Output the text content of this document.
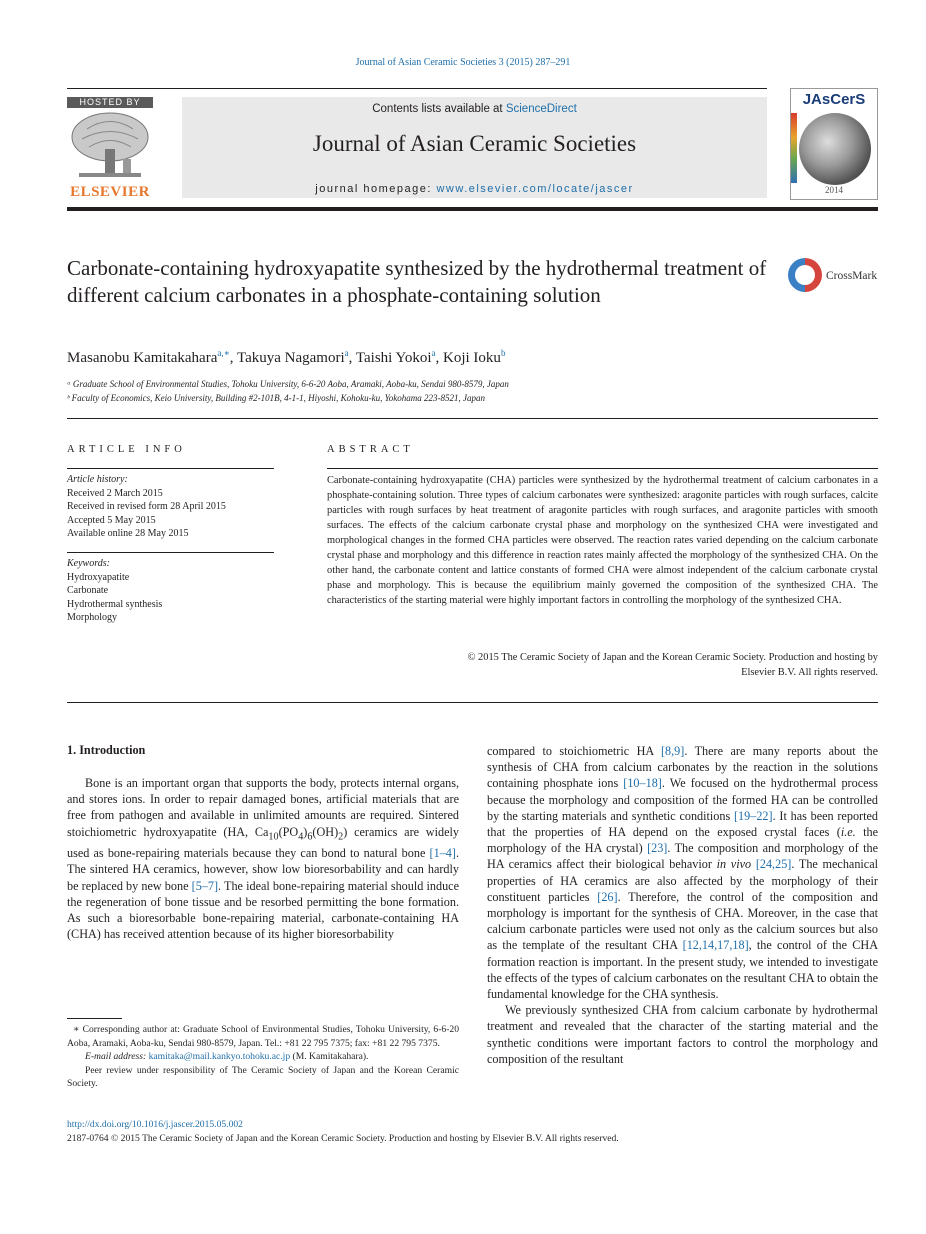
Journal of Asian Ceramic Societies 3 (2015) 287–291
HOSTED BY
ELSEVIER
Contents lists available at ScienceDirect
Journal of Asian Ceramic Societies
journal homepage: www.elsevier.com/locate/jascer
JAsCerS
2014
Carbonate-containing hydroxyapatite synthesized by the hydrothermal treatment of different calcium carbonates in a phosphate-containing solution
CrossMark
Masanobu Kamitakahara$^{a,∗}$, Takuya Nagamori$^a$, Taishi Yokoi$^a$, Koji Ioku$^b$
ᵃ Graduate School of Environmental Studies, Tohoku University, 6-6-20 Aoba, Aramaki, Aoba-ku, Sendai 980-8579, Japan
ᵇ Faculty of Economics, Keio University, Building #2-101B, 4-1-1, Hiyoshi, Kohoku-ku, Yokohama 223-8521, Japan
ARTICLE INFO	ABSTRACT
Article history:
Received 2 March 2015
Received in revised form 28 April 2015
Accepted 5 May 2015
Available online 28 May 2015
Keywords:
Hydroxyapatite
Carbonate
Hydrothermal synthesis
Morphology
Carbonate-containing hydroxyapatite (CHA) particles were synthesized by the hydrothermal treatment of calcium carbonates in a phosphate-containing solution. Three types of calcium carbonates were synthesized: aragonite particles with rough surfaces, calcite particles with rough surfaces by heat treatment of aragonite particles with rough surfaces, and aragonite particles with smooth surfaces. The effects of the calcium carbonate crystal phase and morphology on the synthesized CHA were investigated and morphological changes in the formed CHA particles were observed. The reaction rates varied depending on the calcium carbonate crystal phase and morphology and this difference in reaction rates mainly affected the morphology of the synthesized CHA. On the other hand, the carbonate content and lattice constants of formed CHA were almost independent of the calcium carbonate crystal phase and morphology. This is because the equilibrium mainly governed the composition of the synthesized CHA. The characteristics of the starting material were highly important factors in controlling the morphology of the synthesized CHA.
© 2015 The Ceramic Society of Japan and the Korean Ceramic Society. Production and hosting by
Elsevier B.V. All rights reserved.
1. Introduction

Bone is an important organ that supports the body, protects internal organs, and stores ions. In order to repair damaged bones, artificial materials that are free from pathogen and available in unlimited amounts are required. Sintered stoichiometric hydroxyapatite (HA, $Ca_{10}(PO_4)_6(OH)_2$) ceramics are widely used as bone-repairing materials because they can bond to natural bone [1–4]. The sintered HA ceramics, however, show low bioresorbability and can hardly be replaced by new bone [5–7]. The ideal bone-repairing material should induce the regeneration of bone tissue and be resorbed permitting the bone formation. As such a bioresorbable bone-repairing material, carbonate-containing HA (CHA) has received attention because of its higher bioresorbability

compared to stoichiometric HA [8,9]. There are many reports about the synthesis of CHA from calcium carbonates by the reaction in the solutions containing phosphate ions [10–18]. We focused on the hydrothermal process because the morphology and composition of the formed HA can be controlled by the starting materials and synthetic conditions [19–22]. It has been reported that the properties of HA depend on the exposed crystal faces (i.e. the morphology of the HA crystal) [23]. The composition and morphology of the HA ceramics affect their biological behavior in vivo [24,25]. The mechanical properties of HA ceramics are also affected by the morphology of their constituent particles [26]. Therefore, the control of the composition and morphology is important for the synthesis of CHA. Moreover, in the case that calcium carbonate particles were used not only as the calcium sources but also as the template of the resultant CHA [12,14,17,18], the control of the CHA formation reaction is important. In the present study, we intended to investigate the effects of the types of calcium carbonates on the resultant CHA to obtain the fundamental knowledge for the CHA synthesis.

We previously synthesized CHA from calcium carbonate by hydrothermal treatment and revealed that the character of the starting material and the synthetic conditions were important factors to control the morphology and composition of the resultant

∗ Corresponding author at: Graduate School of Environmental Studies, Tohoku University, 6-6-20 Aoba, Aramaki, Aoba-ku, Sendai 980-8579, Japan. Tel.: +81 22 795 7375; fax: +81 22 795 7375.
E-mail address: kamitaka@mail.kankyo.tohoku.ac.jp (M. Kamitakahara).
Peer review under responsibility of The Ceramic Society of Japan and the Korean Ceramic Society.
http://dx.doi.org/10.1016/j.jascer.2015.05.002
2187-0764 © 2015 The Ceramic Society of Japan and the Korean Ceramic Society. Production and hosting by Elsevier B.V. All rights reserved.
